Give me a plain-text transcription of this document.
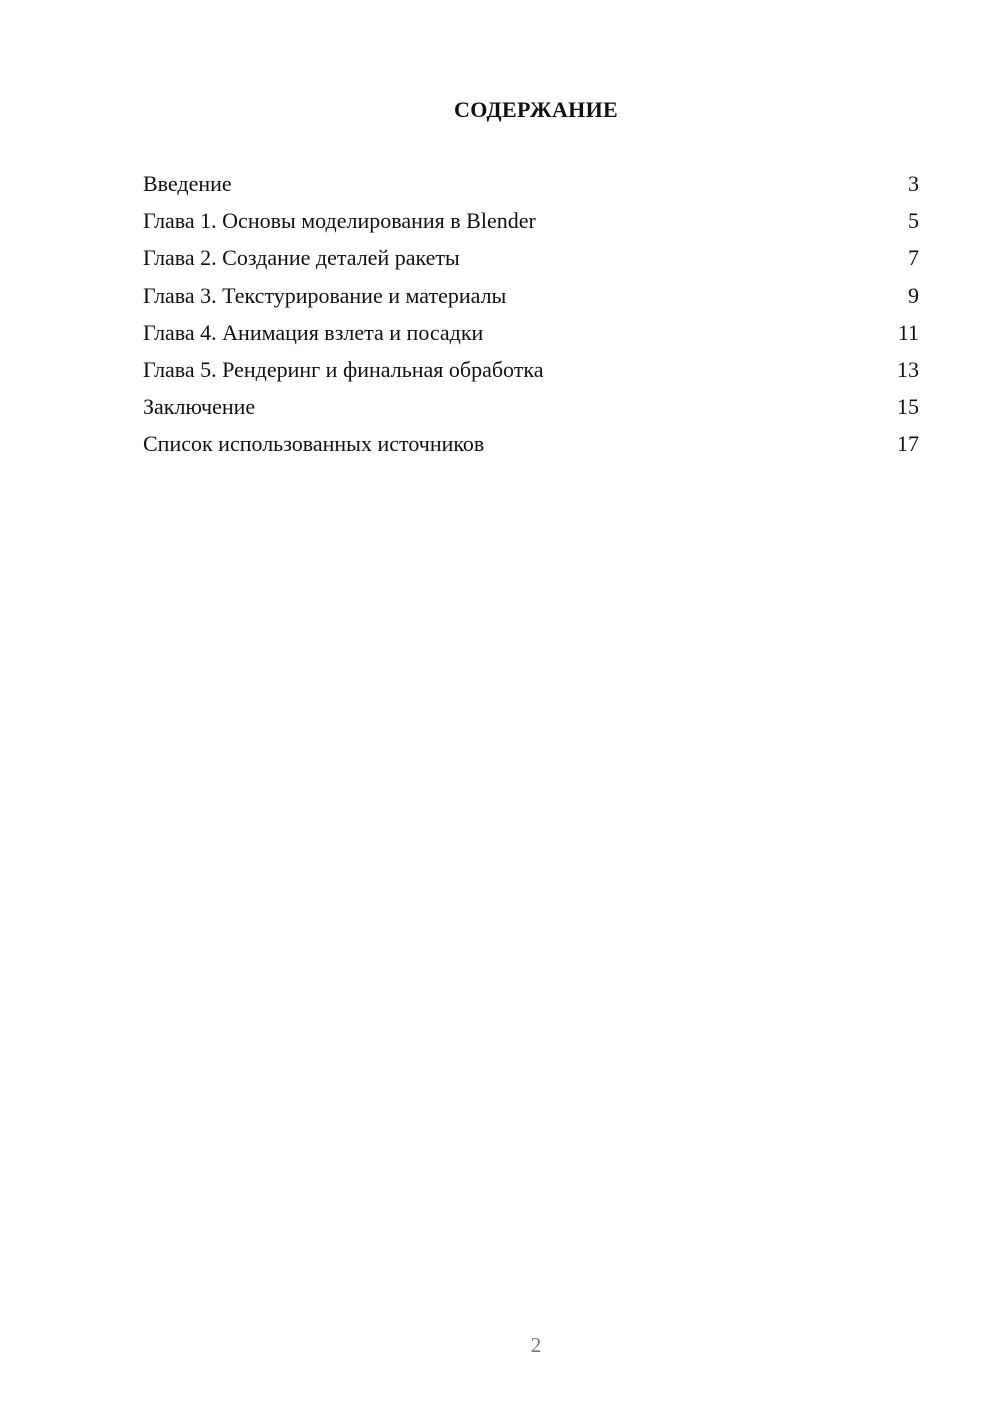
СОДЕРЖАНИЕ
Введение	3
Глава 1. Основы моделирования в Blender	5
Глава 2. Создание деталей ракеты	7
Глава 3. Текстурирование и материалы	9
Глава 4. Анимация взлета и посадки	11
Глава 5. Рендеринг и финальная обработка	13
Заключение	15
Список использованных источников	17
2
